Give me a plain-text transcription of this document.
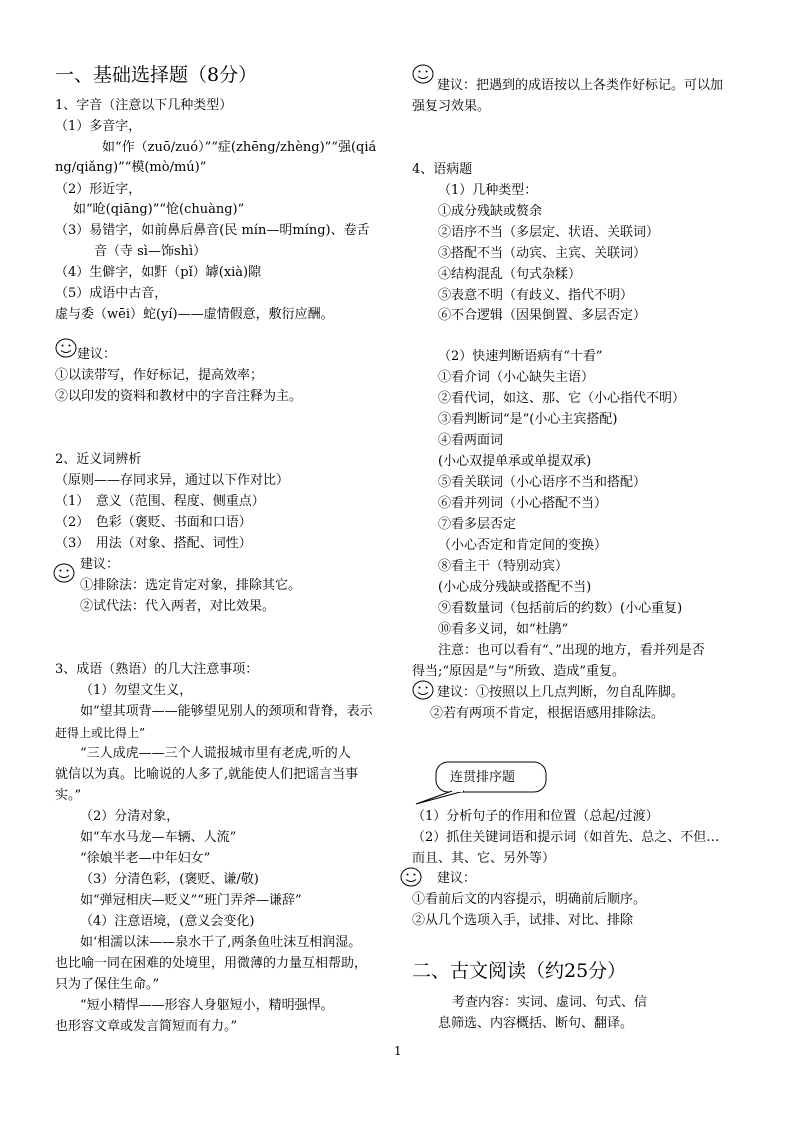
一、基础选择题（8分）
1、字音（注意以下几种类型）
（1）多音字，
如“作（zuō/zuó）”“症(zhēng/zhèng)”“强(qiá
ng/qiǎng)”“模(mò/mú)”
（2）形近字，
如“呛(qiāng)”“怆(chuàng)”
（3）易错字，如前鼻后鼻音(民 mín—明míng)、卷舌
音（寺 sì—饰shì）
（4）生僻字，如䵟（pǐ）罅(xià)隙
（5）成语中古音，
虚与委（wēi）蛇(yí)——虚情假意，敷衍应酬。
建议：
①以读带写，作好标记，提高效率；
②以印发的资料和教材中的字音注释为主。
2、近义词辨析
（原则——存同求异，通过以下作对比）
（1）　意义（范围、程度、侧重点）
（2）　色彩（褒贬、书面和口语）
（3）　用法（对象、搭配、词性）
建议：
①排除法：选定肯定对象，排除其它。
②试代法：代入两者，对比效果。
3、成语（熟语）的几大注意事项：
（1）勿望文生义，
如“望其项背——能够望见别人的颈项和背脊，表示
赶得上或比得上”
“三人成虎——三个人谎报城市里有老虎,听的人
就信以为真。比喻说的人多了,就能使人们把谣言当事
实。”
（2）分清对象，
如“车水马龙—车辆、人流”
“徐娘半老—中年妇女”
（3）分清色彩，(褒贬、谦/敬)
如“弹冠相庆—贬义”“班门弄斧—谦辞”
（4）注意语境，(意义会变化)
如‘相濡以沫——泉水干了,两条鱼吐沫互相润湿。
也比喻一同在困难的处境里，用微薄的力量互相帮助，
只为了保住生命。”
“短小精悍——形容人身躯短小，精明强悍。
也形容文章或发言简短而有力。”
建议：把遇到的成语按以上各类作好标记。可以加
强复习效果。
4、语病题
（1）几种类型：
①成分残缺或赘余
②语序不当（多层定、状语、关联词）
③搭配不当（动宾、主宾、关联词）
④结构混乱（句式杂糅）
⑤表意不明（有歧义、指代不明）
⑥不合逻辑（因果倒置、多层否定）
（2）快速判断语病有“十看”
①看介词（小心缺失主语）
②看代词，如这、那、它（小心指代不明）
③看判断词“是”(小心主宾搭配)
④看两面词
(小心双提单承或单提双承)
⑤看关联词（小心语序不当和搭配）
⑥看并列词（小心搭配不当）
⑦看多层否定
（小心否定和肯定间的变换）
⑧看主干（特别动宾）
(小心成分残缺或搭配不当)
⑨看数量词（包括前后的约数）(小心重复)
⑩看多义词，如“杜鹃”
注意：也可以看有“、”出现的地方，看并列是否
得当;“原因是”与“所致、造成”重复。
建议：①按照以上几点判断，勿自乱阵脚。
②若有两项不肯定，根据语感用排除法。
连贯排序题
（1）分析句子的作用和位置（总起/过渡）
（2）抓住关键词语和提示词（如首先、总之、不但…
而且、其、它、另外等）
建议：
①看前后文的内容提示，明确前后顺序。
②从几个选项入手，试排、对比、排除
二、古文阅读（约25分）
考查内容：实词、虚词、句式、信
息筛选、内容概括、断句、翻译。
1
